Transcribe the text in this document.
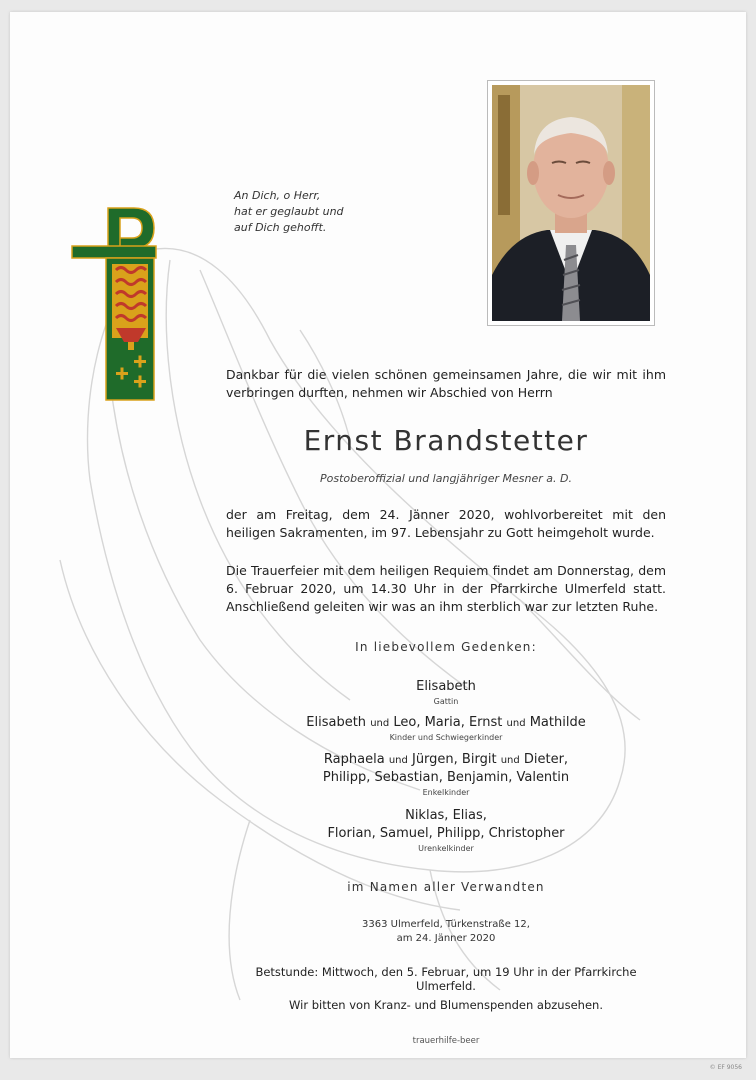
An Dich, o Herr,
hat er geglaubt und
auf Dich gehofft.
Dankbar für die vielen schönen gemeinsamen Jahre, die wir mit ihm verbringen durften, nehmen wir Abschied von Herrn
Ernst Brandstetter
Postoberoffizial und langjähriger Mesner a. D.
der am Freitag, dem 24. Jänner 2020, wohlvorbereitet mit den heiligen Sakramenten, im 97. Lebensjahr zu Gott heimgeholt wurde.
Die Trauerfeier mit dem heiligen Requiem findet am Donnerstag, dem 6. Februar 2020, um 14.30 Uhr in der Pfarrkirche Ulmerfeld statt. Anschließend geleiten wir was an ihm sterblich war zur letzten Ruhe.
In liebevollem Gedenken:
Elisabeth
Gattin
Elisabeth und Leo, Maria, Ernst und Mathilde
Kinder und Schwiegerkinder
Raphaela und Jürgen, Birgit und Dieter,
Philipp, Sebastian, Benjamin, Valentin
Enkelkinder
Niklas, Elias,
Florian, Samuel, Philipp, Christopher
Urenkelkinder
im Namen aller Verwandten
3363 Ulmerfeld, Türkenstraße 12,
am 24. Jänner 2020
Betstunde: Mittwoch, den 5. Februar, um 19 Uhr in der Pfarrkirche Ulmerfeld.
Wir bitten von Kranz- und Blumenspenden abzusehen.
trauerhilfe-beer
© EF 9056
